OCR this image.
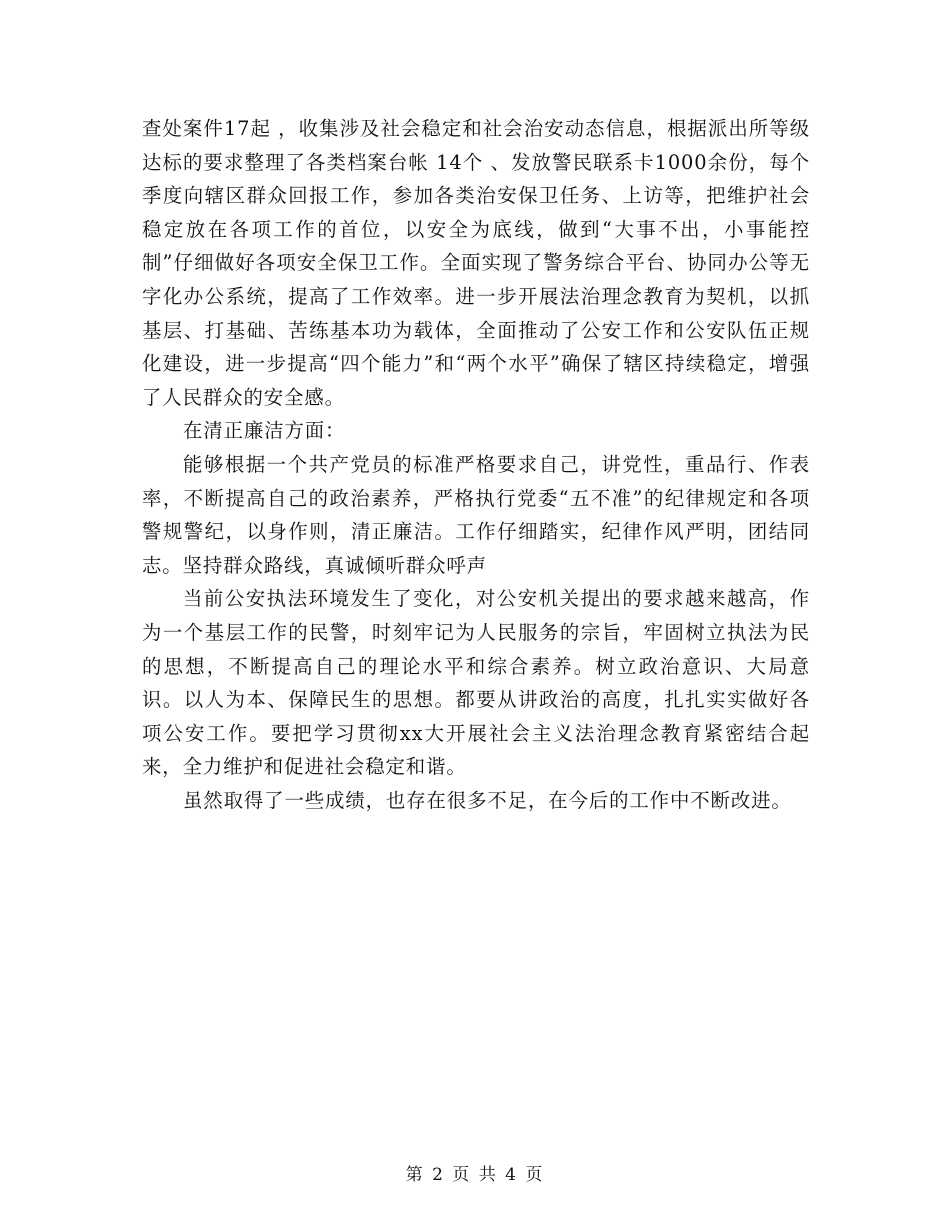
查处案件17起 ，收集涉及社会稳定和社会治安动态信息，根据派出所等级达标的要求整理了各类档案台帐 14个 、发放警民联系卡1000余份，每个季度向辖区群众回报工作，参加各类治安保卫任务、上访等，把维护社会稳定放在各项工作的首位，以安全为底线，做到“大事不出，小事能控制”仔细做好各项安全保卫工作。全面实现了警务综合平台、协同办公等无字化办公系统，提高了工作效率。进一步开展法治理念教育为契机，以抓基层、打基础、苦练基本功为载体，全面推动了公安工作和公安队伍正规化建设，进一步提高“四个能力”和“两个水平”确保了辖区持续稳定，增强了人民群众的安全感。

在清正廉洁方面：

能够根据一个共产党员的标准严格要求自己，讲党性，重品行、作表率，不断提高自己的政治素养，严格执行党委“五不准”的纪律规定和各项警规警纪，以身作则，清正廉洁。工作仔细踏实，纪律作风严明，团结同志。坚持群众路线，真诚倾听群众呼声

当前公安执法环境发生了变化，对公安机关提出的要求越来越高，作为一个基层工作的民警，时刻牢记为人民服务的宗旨，牢固树立执法为民的思想，不断提高自己的理论水平和综合素养。树立政治意识、大局意识。以人为本、保障民生的思想。都要从讲政治的高度，扎扎实实做好各项公安工作。要把学习贯彻xx大开展社会主义法治理念教育紧密结合起来，全力维护和促进社会稳定和谐。

虽然取得了一些成绩，也存在很多不足，在今后的工作中不断改进。

第 2 页 共 4 页
